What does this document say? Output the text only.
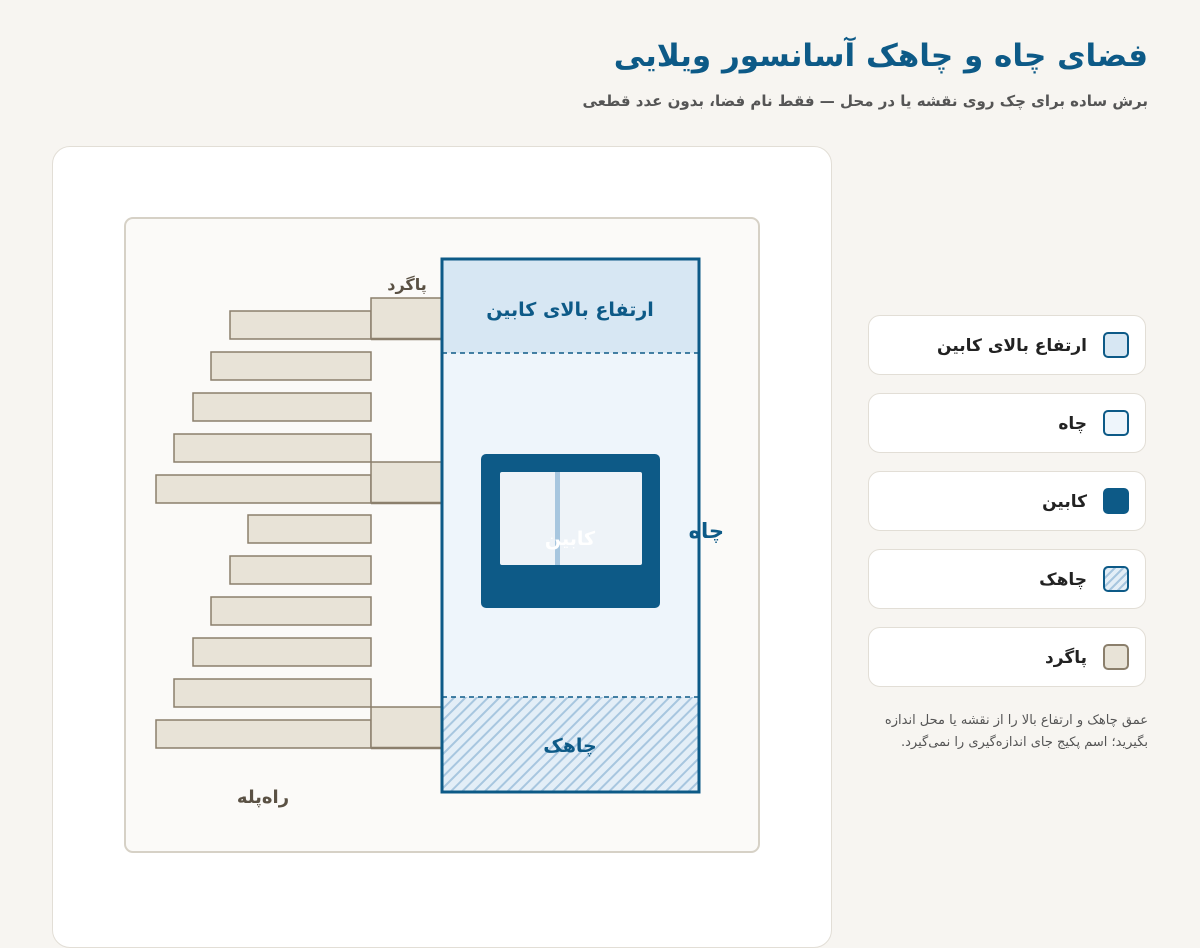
فضای چاه و چاهک آسانسور ویلایی

برش ساده برای چک روی نقشه یا در محل — فقط نام فضا، بدون عدد قطعی

پاگرد
ارتفاع بالای کابین
چاهک
چاه
کابین
راه‌پله
ارتفاع بالای کابین
چاه
کابین
چاهک
پاگرد

عمق چاهک و ارتفاع بالا را از نقشه یا محل اندازه بگیرید؛ اسم پکیج جای اندازه‌گیری را نمی‌گیرد.
